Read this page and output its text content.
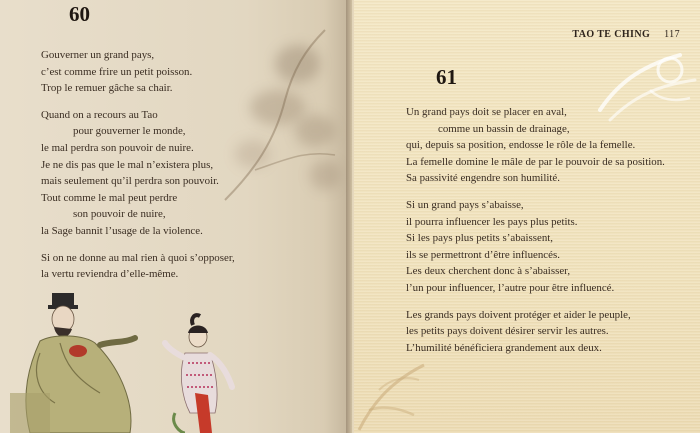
60
Gouverner un grand pays,
c’est comme frire un petit poisson.
Trop le remuer gâche sa chair.
Quand on a recours au Tao
pour gouverner le monde,
le mal perdra son pouvoir de nuire.
Je ne dis pas que le mal n’existera plus,
mais seulement qu’il perdra son pouvoir.
Tout comme le mal peut perdre
son pouvoir de nuire,
la Sage bannit l’usage de la violence.
Si on ne donne au mal rien à quoi s’opposer,
la vertu reviendra d’elle-même.
TAO TE CHING 117
61
Un grand pays doit se placer en aval,
comme un bassin de drainage,
qui, depuis sa position, endosse le rôle de la femelle.
La femelle domine le mâle de par le pouvoir de sa position.
Sa passivité engendre son humilité.
Si un grand pays s’abaisse,
il pourra influencer les pays plus petits.
Si les pays plus petits s’abaissent,
ils se permettront d’être influencés.
Les deux cherchent donc à s’abaisser,
l’un pour influencer, l’autre pour être influencé.
Les grands pays doivent protéger et aider le peuple,
les petits pays doivent désirer servir les autres.
L’humilité bénéficiera grandement aux deux.
